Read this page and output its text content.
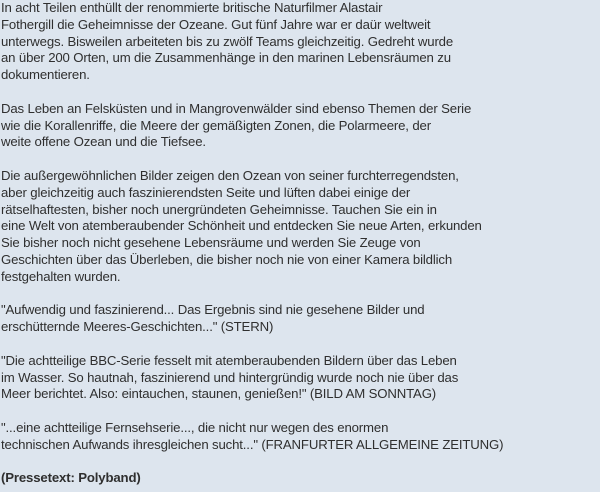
In acht Teilen enthüllt der renommierte britische Naturfilmer Alastair
Fothergill die Geheimnisse der Ozeane. Gut fünf Jahre war er daür weltweit
unterwegs. Bisweilen arbeiteten bis zu zwölf Teams gleichzeitig. Gedreht wurde
an über 200 Orten, um die Zusammenhänge in den marinen Lebensräumen zu
dokumentieren.

Das Leben an Felsküsten und in Mangrovenwälder sind ebenso Themen der Serie
wie die Korallenriffe, die Meere der gemäßigten Zonen, die Polarmeere, der
weite offene Ozean und die Tiefsee.

Die außergewöhnlichen Bilder zeigen den Ozean von seiner furchterregendsten,
aber gleichzeitig auch faszinierendsten Seite und lüften dabei einige der
rätselhaftesten, bisher noch unergründeten Geheimnisse. Tauchen Sie ein in
eine Welt von atemberaubender Schönheit und entdecken Sie neue Arten, erkunden
Sie bisher noch nicht gesehene Lebensräume und werden Sie Zeuge von
Geschichten über das Überleben, die bisher noch nie von einer Kamera bildlich
festgehalten wurden.

"Aufwendig und faszinierend... Das Ergebnis sind nie gesehene Bilder und
erschütternde Meeres-Geschichten..." (STERN)

"Die achtteilige BBC-Serie fesselt mit atemberaubenden Bildern über das Leben
im Wasser. So hautnah, faszinierend und hintergründig wurde noch nie über das
Meer berichtet. Also: eintauchen, staunen, genießen!" (BILD AM SONNTAG)

"...eine achtteilige Fernsehserie..., die nicht nur wegen des enormen
technischen Aufwands ihresgleichen sucht..." (FRANFURTER ALLGEMEINE ZEITUNG)

(Pressetext: Polyband)
